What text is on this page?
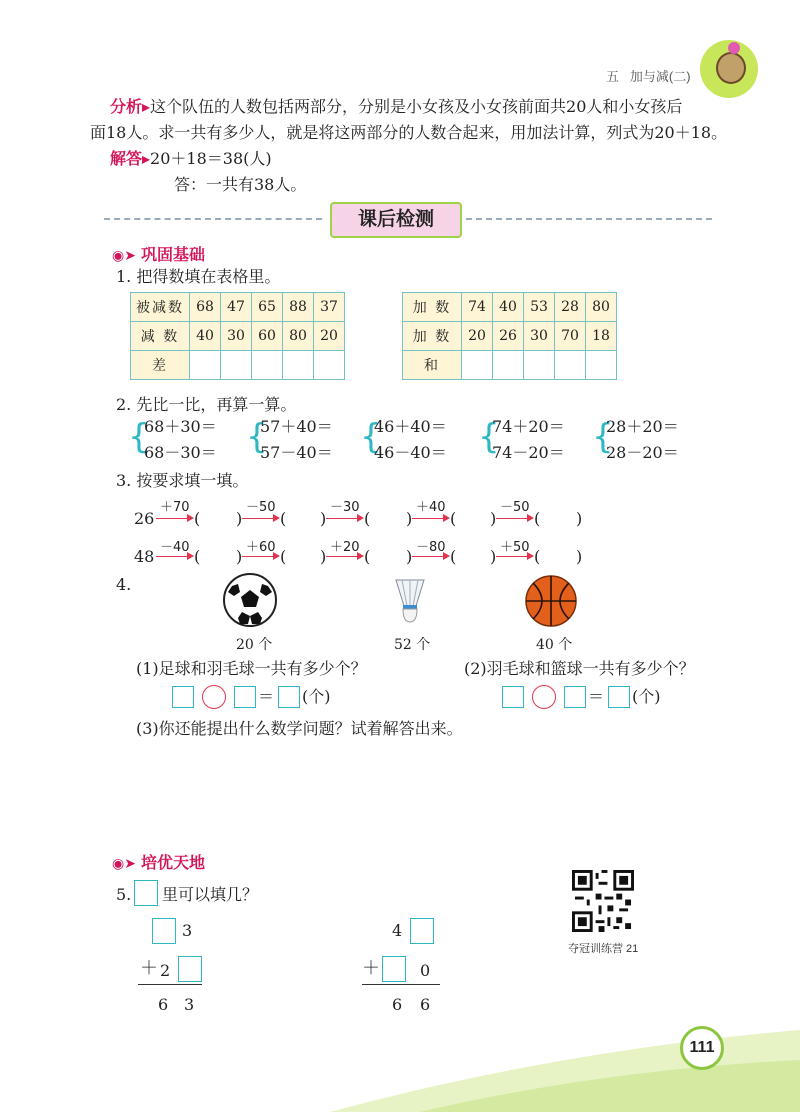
五 加与减(二)
分析▸这个队伍的人数包括两部分，分别是小女孩及小女孩前面共20人和小女孩后
面18人。求一共有多少人，就是将这两部分的人数合起来，用加法计算，列式为20＋18。
解答▸20＋18＝38(人)
答：一共有38人。
课后检测
◉➤ 巩固基础
1. 把得数填在表格里。
被减数	68	47	65	88	37
减 数	40	30	60	80	20
差					
加 数	74	40	53	28	80
加 数	20	26	30	70	18
和					
2. 先比一比，再算一算。
{
68＋30＝
68－30＝ {
57＋40＝
57－40＝ {
46＋40＝
46－40＝ {
74＋20＝
74－20＝ {
28＋20＝
28－20＝
3. 按要求填一填。
26
＋70
( )
－50
( )
－30
( )
＋40
( )
－50
( )
48 －40 ( ) ＋60 ( ) ＋20 ( ) －80 ( ) ＋50 ( )
4.
20 个	52 个	40 个
(1)足球和羽毛球一共有多少个？	(2)羽毛球和篮球一共有多少个？
＝ (个)	＝ (个)
(3)你还能提出什么数学问题？试着解答出来。
◉➤ 培优天地
5. 里可以填几？
3
＋ 2
6 3
4
＋	0
6 6
夺冠训练营 21
111
